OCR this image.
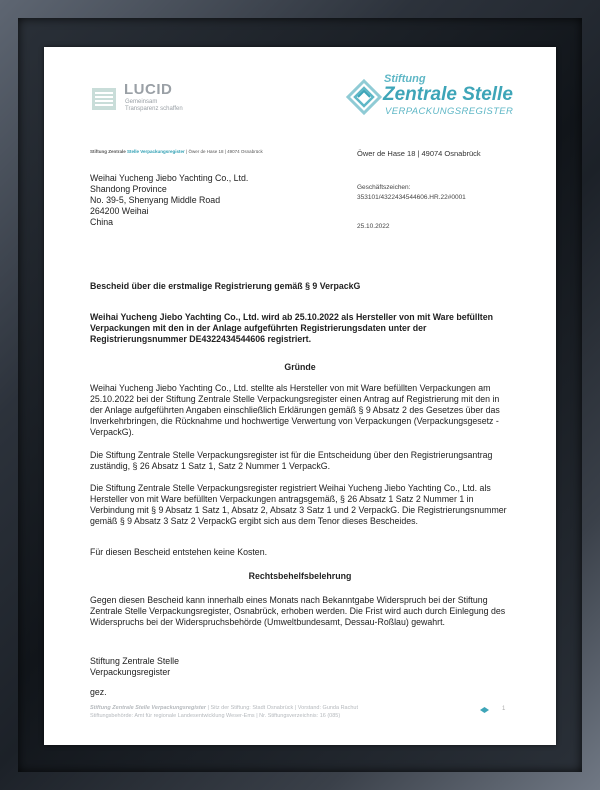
LUCID
Gemeinsam
Transparenz schaffen
Stiftung
Zentrale Stelle
VERPACKUNGSREGISTER
Stiftung Zentrale Stelle Verpackungsregister | Öwer de Hase 18 | 49074 Osnabrück	Öwer de Hase 18 | 49074 Osnabrück
Weihai Yucheng Jiebo Yachting Co., Ltd.
Shandong Province
No. 39-5, Shenyang Middle Road
264200 Weihai
China
Geschäftszeichen:
353101/4322434544606.HR.22#0001
25.10.2022
Bescheid über die erstmalige Registrierung gemäß § 9 VerpackG
Weihai Yucheng Jiebo Yachting Co., Ltd. wird ab 25.10.2022 als Hersteller von mit Ware befüllten Verpackungen mit den in der Anlage aufgeführten Registrierungsdaten unter der Registrierungsnummer DE4322434544606 registriert.
Gründe
Weihai Yucheng Jiebo Yachting Co., Ltd. stellte als Hersteller von mit Ware befüllten Verpackungen am 25.10.2022 bei der Stiftung Zentrale Stelle Verpackungsregister einen Antrag auf Registrierung mit den in der Anlage aufgeführten Angaben einschließlich Erklärungen gemäß § 9 Absatz 2 des Gesetzes über das Inverkehrbringen, die Rücknahme und hochwertige Verwertung von Verpackungen (Verpackungsgesetz - VerpackG).
Die Stiftung Zentrale Stelle Verpackungsregister ist für die Entscheidung über den Registrierungsantrag zuständig, § 26 Absatz 1 Satz 1, Satz 2 Nummer 1 VerpackG.
Die Stiftung Zentrale Stelle Verpackungsregister registriert Weihai Yucheng Jiebo Yachting Co., Ltd. als Hersteller von mit Ware befüllten Verpackungen antragsgemäß, § 26 Absatz 1 Satz 2 Nummer 1 in Verbindung mit § 9 Absatz 1 Satz 1, Absatz 2, Absatz 3 Satz 1 und 2 VerpackG. Die Registrierungsnummer gemäß § 9 Absatz 3 Satz 2 VerpackG ergibt sich aus dem Tenor dieses Bescheides.
Für diesen Bescheid entstehen keine Kosten.
Rechtsbehelfsbelehrung
Gegen diesen Bescheid kann innerhalb eines Monats nach Bekanntgabe Widerspruch bei der Stiftung Zentrale Stelle Verpackungsregister, Osnabrück, erhoben werden. Die Frist wird auch durch Einlegung des Widerspruchs bei der Widerspruchsbehörde (Umweltbundesamt, Dessau-Roßlau) gewahrt.
Stiftung Zentrale Stelle
Verpackungsregister
gez.
Stiftung Zentrale Stelle Verpackungsregister | Sitz der Stiftung: Stadt Osnabrück | Vorstand: Gunda Rachut
Stiftungsbehörde: Amt für regionale Landesentwicklung Weser-Ems | Nr. Stiftungsverzeichnis: 16 (085)
1
